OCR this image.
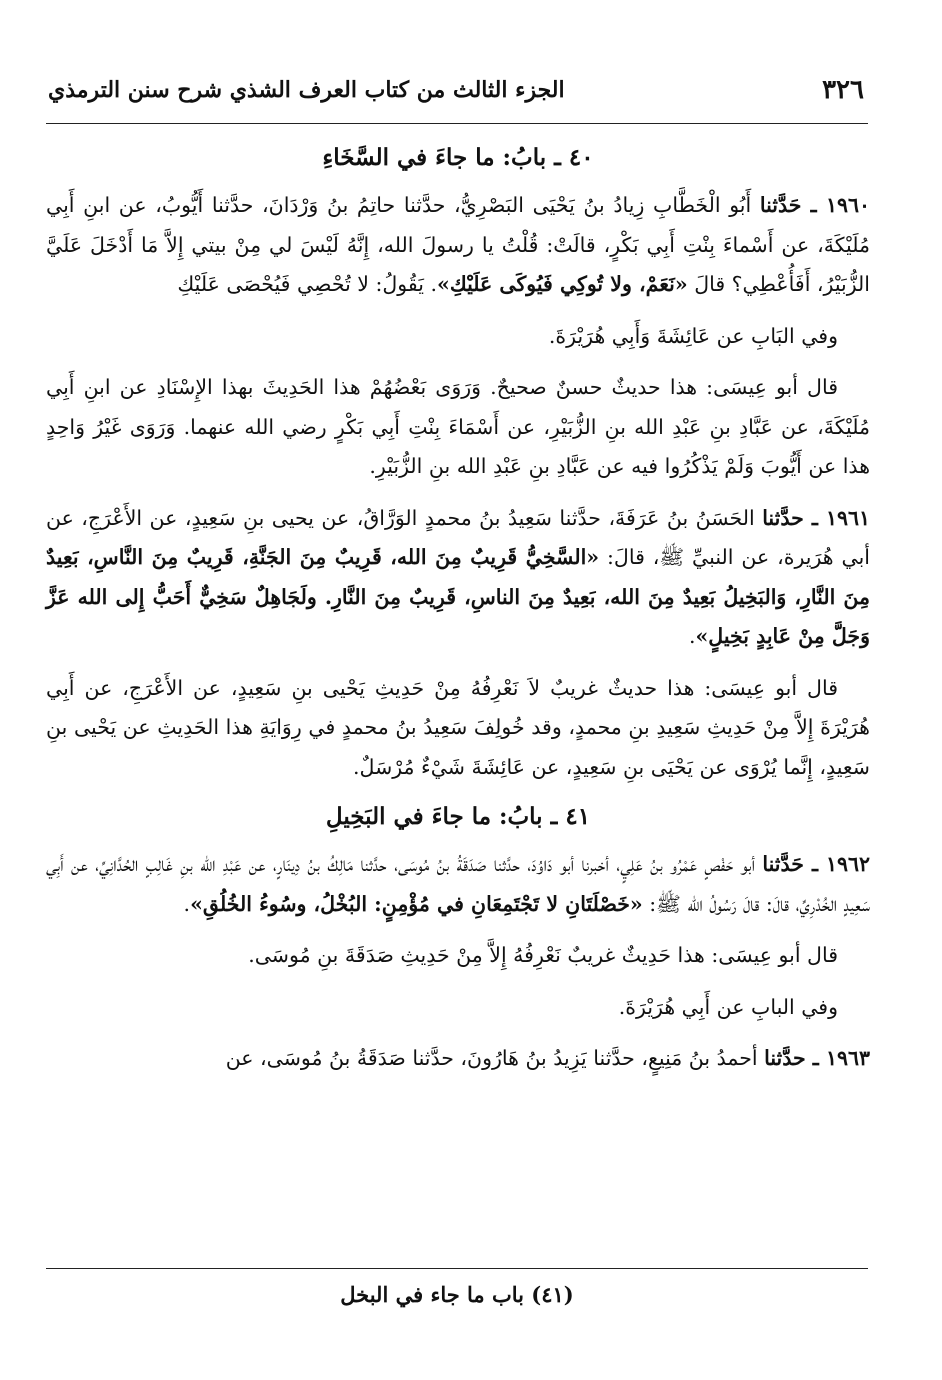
٣٢٦
الجزء الثالث من كتاب العرف الشذي شرح سنن الترمذي
٤٠ ـ بابُ: ما جاءَ في السَّخَاءِ

١٩٦٠ ـ حَدَّثنا أَبُو الْخَطَّابِ زِيادُ بنُ يَحْيَى البَصْرِيُّ، حدَّثنا حاتِمُ بنُ وَرْدَانَ، حدَّثنا أَيُّوبُ، عن ابنِ أَبِي مُلَيْكَةَ، عن أَسْماءَ بِنْتِ أَبِي بَكْرٍ، قالَتْ: قُلْتُ يا رسولَ الله، إِنَّهُ لَيْسَ لي مِنْ بيتي إِلاَّ مَا أَدْخَلَ عَلَيَّ الزُّبَيْرُ، أَفَأُعْطِي؟ قالَ «نَعَمْ، ولا تُوكِي فَيُوكَى عَلَيْكِ». يَقُولُ: لا تُحْصِي فَيُحْصَى عَلَيْكِ

وفي البَابِ عن عَائِشَةَ وَأَبِي هُرَيْرَةَ.

قال أبو عِيسَى: هذا حديثٌ حسنٌ صحيحٌ. وَرَوَى بَعْضُهُمْ هذا الحَدِيثَ بهذا الإِسْنَادِ عن ابنِ أَبِي مُلَيْكَةَ، عن عَبَّادِ بنِ عَبْدِ الله بنِ الزُّبَيْرِ، عن أَسْمَاءَ بِنْتِ أَبِي بَكْرٍ رضي الله عنهما. وَرَوَى غَيْرُ وَاحِدٍ هذا عن أَيُّوبَ وَلَمْ يَذْكُرُوا فيه عن عَبَّادِ بنِ عَبْدِ الله بنِ الزُّبَيْرِ.

١٩٦١ ـ حدَّثنا الحَسَنُ بنُ عَرَفَةَ، حدَّثنا سَعِيدُ بنُ محمدٍ الوَرَّاقُ، عن يحيى بنِ سَعِيدٍ، عن الأَعْرَجِ، عن أبي هُرَيرة، عن النبيِّ ﷺ، قالَ: «السَّخِيُّ قَرِيبٌ مِنَ الله، قَرِيبٌ مِنَ الجَنَّةِ، قَرِيبٌ مِنَ النَّاسِ، بَعِيدٌ مِنَ النَّارِ، وَالبَخِيلُ بَعِيدٌ مِنَ الله، بَعِيدٌ مِنَ الناسِ، قَرِيبٌ مِنَ النَّارِ. ولَجَاهِلٌ سَخِيٌّ أَحَبُّ إِلى الله عَزَّ وَجَلَّ مِنْ عَابِدٍ بَخِيلٍ».

قال أبو عِيسَى: هذا حديثٌ غريبٌ لاَ نَعْرِفُهُ مِنْ حَدِيثِ يَحْيى بنِ سَعِيدٍ، عن الأَعْرَجِ، عن أَبِي هُرَيْرَةَ إِلاَّ مِنْ حَدِيثِ سَعِيدِ بنِ محمدٍ، وقد خُولِفَ سَعِيدُ بنُ محمدٍ في رِوَايَةِ هذا الحَدِيثِ عن يَحْيى بنِ سَعِيدٍ، إِنَّما يُرْوَى عن يَحْيَى بنِ سَعِيدٍ، عن عَائِشَةَ شَيْءٌ مُرْسَلٌ.

٤١ ـ بابُ: ما جاءَ في البَخِيلِ

١٩٦٢ ـ حَدَّثنا أبو حَفْصٍ عَمْرُو بنُ عَلِيٍ، أخبرنا أبو دَاوُدَ، حدَّثنا صَدَقَةُ بنُ مُوسَى، حدَّثنا مَالِكُ بنُ دِينَارٍ، عن عَبْدِ الله بنِ غَالِبٍ الحُدَّانِيِّ، عن أَبِي سَعِيدٍ الخُدْرِيِّ، قالَ: قالَ رَسُولُ الله ﷺ: «خَصْلَتَانِ لا تَجْتَمِعَانِ في مُؤْمِنٍ: البُخْلُ، وسُوءُ الخُلُقِ».

قال أبو عِيسَى: هذا حَدِيثٌ غريبٌ نَعْرِفُهُ إِلاَّ مِنْ حَدِيثِ صَدَقَةَ بنِ مُوسَى.

وفي البابِ عن أَبِي هُرَيْرَةَ.

١٩٦٣ ـ حدَّثنا أحمدُ بنُ مَنِيعٍ، حدَّثنا يَزِيدُ بنُ هَارُونَ، حدَّثنا صَدَقَةُ بنُ مُوسَى، عن

(٤١) باب ما جاء في البخل
